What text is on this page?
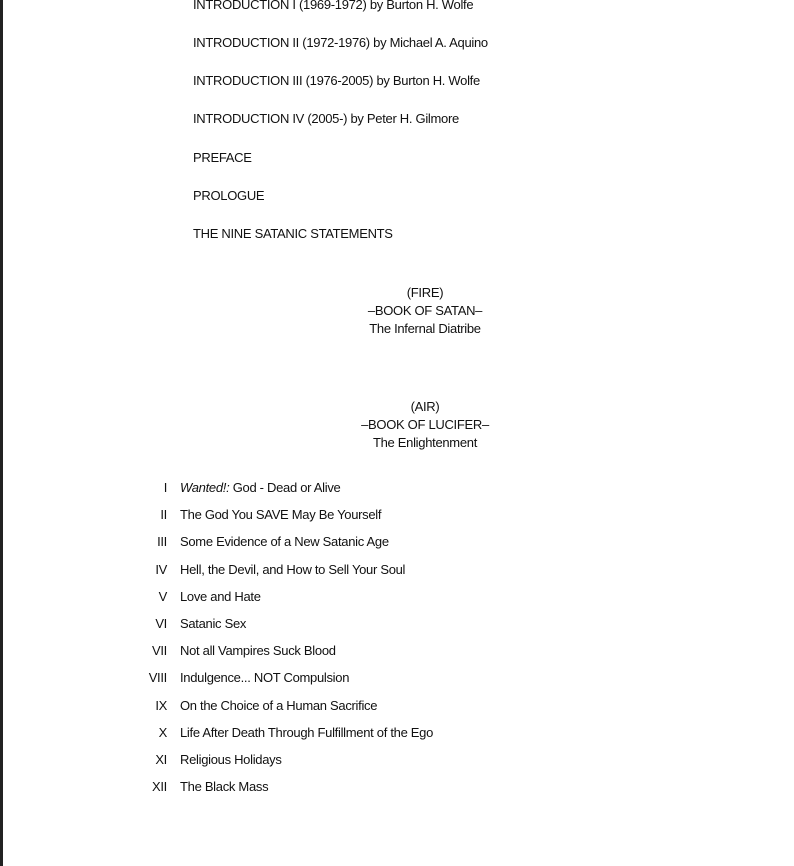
INTRODUCTION I (1969-1972) by Burton H. Wolfe
INTRODUCTION II (1972-1976) by Michael A. Aquino
INTRODUCTION III (1976-2005) by Burton H. Wolfe
INTRODUCTION IV (2005-) by Peter H. Gilmore
PREFACE
PROLOGUE
THE NINE SATANIC STATEMENTS
(FIRE)
–BOOK OF SATAN–
The Infernal Diatribe
(AIR)
–BOOK OF LUCIFER–
The Enlightenment
I	Wanted!: God - Dead or Alive
II	The God You SAVE May Be Yourself
III	Some Evidence of a New Satanic Age
IV	Hell, the Devil, and How to Sell Your Soul
V	Love and Hate
VI	Satanic Sex
VII	Not all Vampires Suck Blood
VIII	Indulgence... NOT Compulsion
IX	On the Choice of a Human Sacrifice
X	Life After Death Through Fulfillment of the Ego
XI	Religious Holidays
XII	The Black Mass
